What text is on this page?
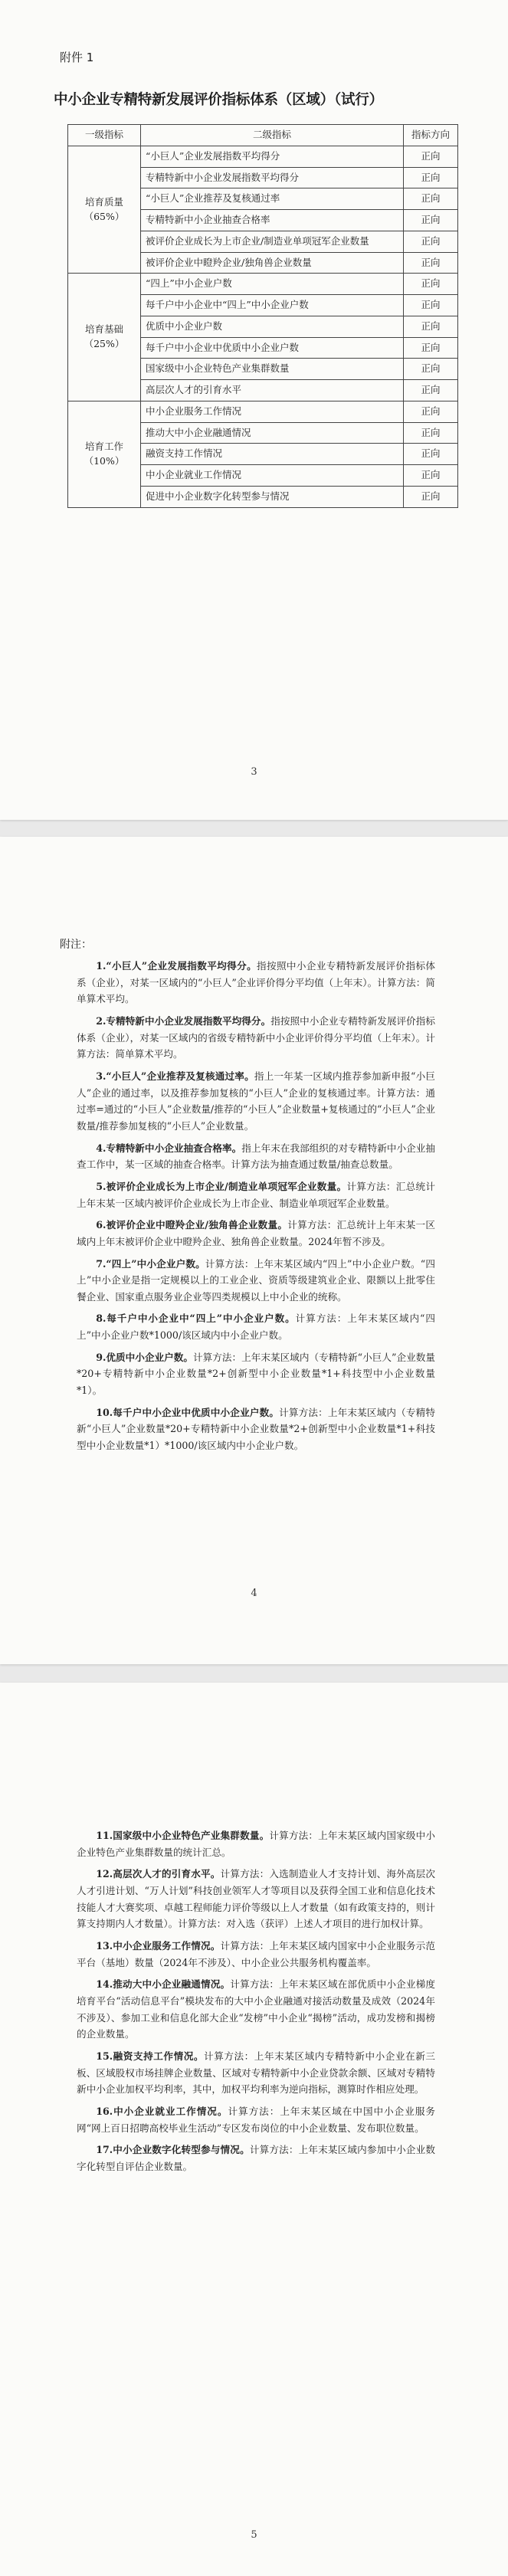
附件 1
中小企业专精特新发展评价指标体系（区域）（试行）
一级指标	二级指标	指标方向
培育质量
（65%）	“小巨人”企业发展指数平均得分	正向
	专精特新中小企业发展指数平均得分	正向
	“小巨人”企业推荐及复核通过率	正向
	专精特新中小企业抽查合格率	正向
	被评价企业成长为上市企业/制造业单项冠军企业数量	正向
	被评价企业中瞪羚企业/独角兽企业数量	正向
培育基础
（25%）	“四上”中小企业户数	正向
	每千户中小企业中“四上”中小企业户数	正向
	优质中小企业户数	正向
	每千户中小企业中优质中小企业户数	正向
	国家级中小企业特色产业集群数量	正向
	高层次人才的引育水平	正向
培育工作
（10%）	中小企业服务工作情况	正向
	推动大中小企业融通情况	正向
	融资支持工作情况	正向
	中小企业就业工作情况	正向
	促进中小企业数字化转型参与情况	正向
3
4
附注：

1.“小巨人”企业发展指数平均得分。指按照中小企业专精特新发展评价指标体系（企业），对某一区域内的“小巨人”企业评价得分平均值（上年末）。计算方法：简单算术平均。

2.专精特新中小企业发展指数平均得分。指按照中小企业专精特新发展评价指标体系（企业），对某一区域内的省级专精特新中小企业评价得分平均值（上年末）。计算方法：简单算术平均。

3.“小巨人”企业推荐及复核通过率。指上一年某一区域内推荐参加新申报“小巨人”企业的通过率，以及推荐参加复核的“小巨人”企业的复核通过率。计算方法：通过率=通过的“小巨人”企业数量/推荐的“小巨人”企业数量+复核通过的“小巨人”企业数量/推荐参加复核的“小巨人”企业数量。

4.专精特新中小企业抽查合格率。指上年末在我部组织的对专精特新中小企业抽查工作中，某一区域的抽查合格率。计算方法为抽查通过数量/抽查总数量。

5.被评价企业成长为上市企业/制造业单项冠军企业数量。计算方法：汇总统计上年末某一区域内被评价企业成长为上市企业、制造业单项冠军企业数量。

6.被评价企业中瞪羚企业/独角兽企业数量。计算方法：汇总统计上年末某一区域内上年末被评价企业中瞪羚企业、独角兽企业数量。2024年暂不涉及。

7.“四上”中小企业户数。计算方法：上年末某区域内“四上”中小企业户数。“四上”中小企业是指一定规模以上的工业企业、资质等级建筑业企业、限额以上批零住餐企业、国家重点服务业企业等四类规模以上中小企业的统称。

8.每千户中小企业中“四上”中小企业户数。计算方法：上年末某区域内“四上”中小企业户数*1000/该区域内中小企业户数。

9.优质中小企业户数。计算方法：上年末某区域内（专精特新“小巨人”企业数量*20+专精特新中小企业数量*2+创新型中小企业数量*1+科技型中小企业数量*1）。

10.每千户中小企业中优质中小企业户数。计算方法：上年末某区域内（专精特新“小巨人”企业数量*20+专精特新中小企业数量*2+创新型中小企业数量*1+科技型中小企业数量*1）*1000/该区域内中小企业户数。

5

11.国家级中小企业特色产业集群数量。计算方法：上年末某区域内国家级中小企业特色产业集群数量的统计汇总。

12.高层次人才的引育水平。计算方法：入选制造业人才支持计划、海外高层次人才引进计划、“万人计划”科技创业领军人才等项目以及获得全国工业和信息化技术技能人才大赛奖项、卓越工程师能力评价等级以上人才数量（如有政策支持的，则计算支持期内人才数量）。计算方法：对入选（获评）上述人才项目的进行加权计算。

13.中小企业服务工作情况。计算方法：上年末某区域内国家中小企业服务示范平台（基地）数量（2024年不涉及）、中小企业公共服务机构覆盖率。

14.推动大中小企业融通情况。计算方法：上年末某区域在部优质中小企业梯度培育平台“活动信息平台”模块发布的大中小企业融通对接活动数量及成效（2024年不涉及）、参加工业和信息化部大企业“发榜”中小企业“揭榜”活动，成功发榜和揭榜的企业数量。

15.融资支持工作情况。计算方法：上年末某区域内专精特新中小企业在新三板、区域股权市场挂牌企业数量、区域对专精特新中小企业贷款余额、区域对专精特新中小企业加权平均利率，其中，加权平均利率为逆向指标，测算时作相应处理。

16.中小企业就业工作情况。计算方法：上年末某区域在中国中小企业服务网“网上百日招聘高校毕业生活动”专区发布岗位的中小企业数量、发布职位数量。

17.中小企业数字化转型参与情况。计算方法：上年末某区域内参加中小企业数字化转型自评估企业数量。
